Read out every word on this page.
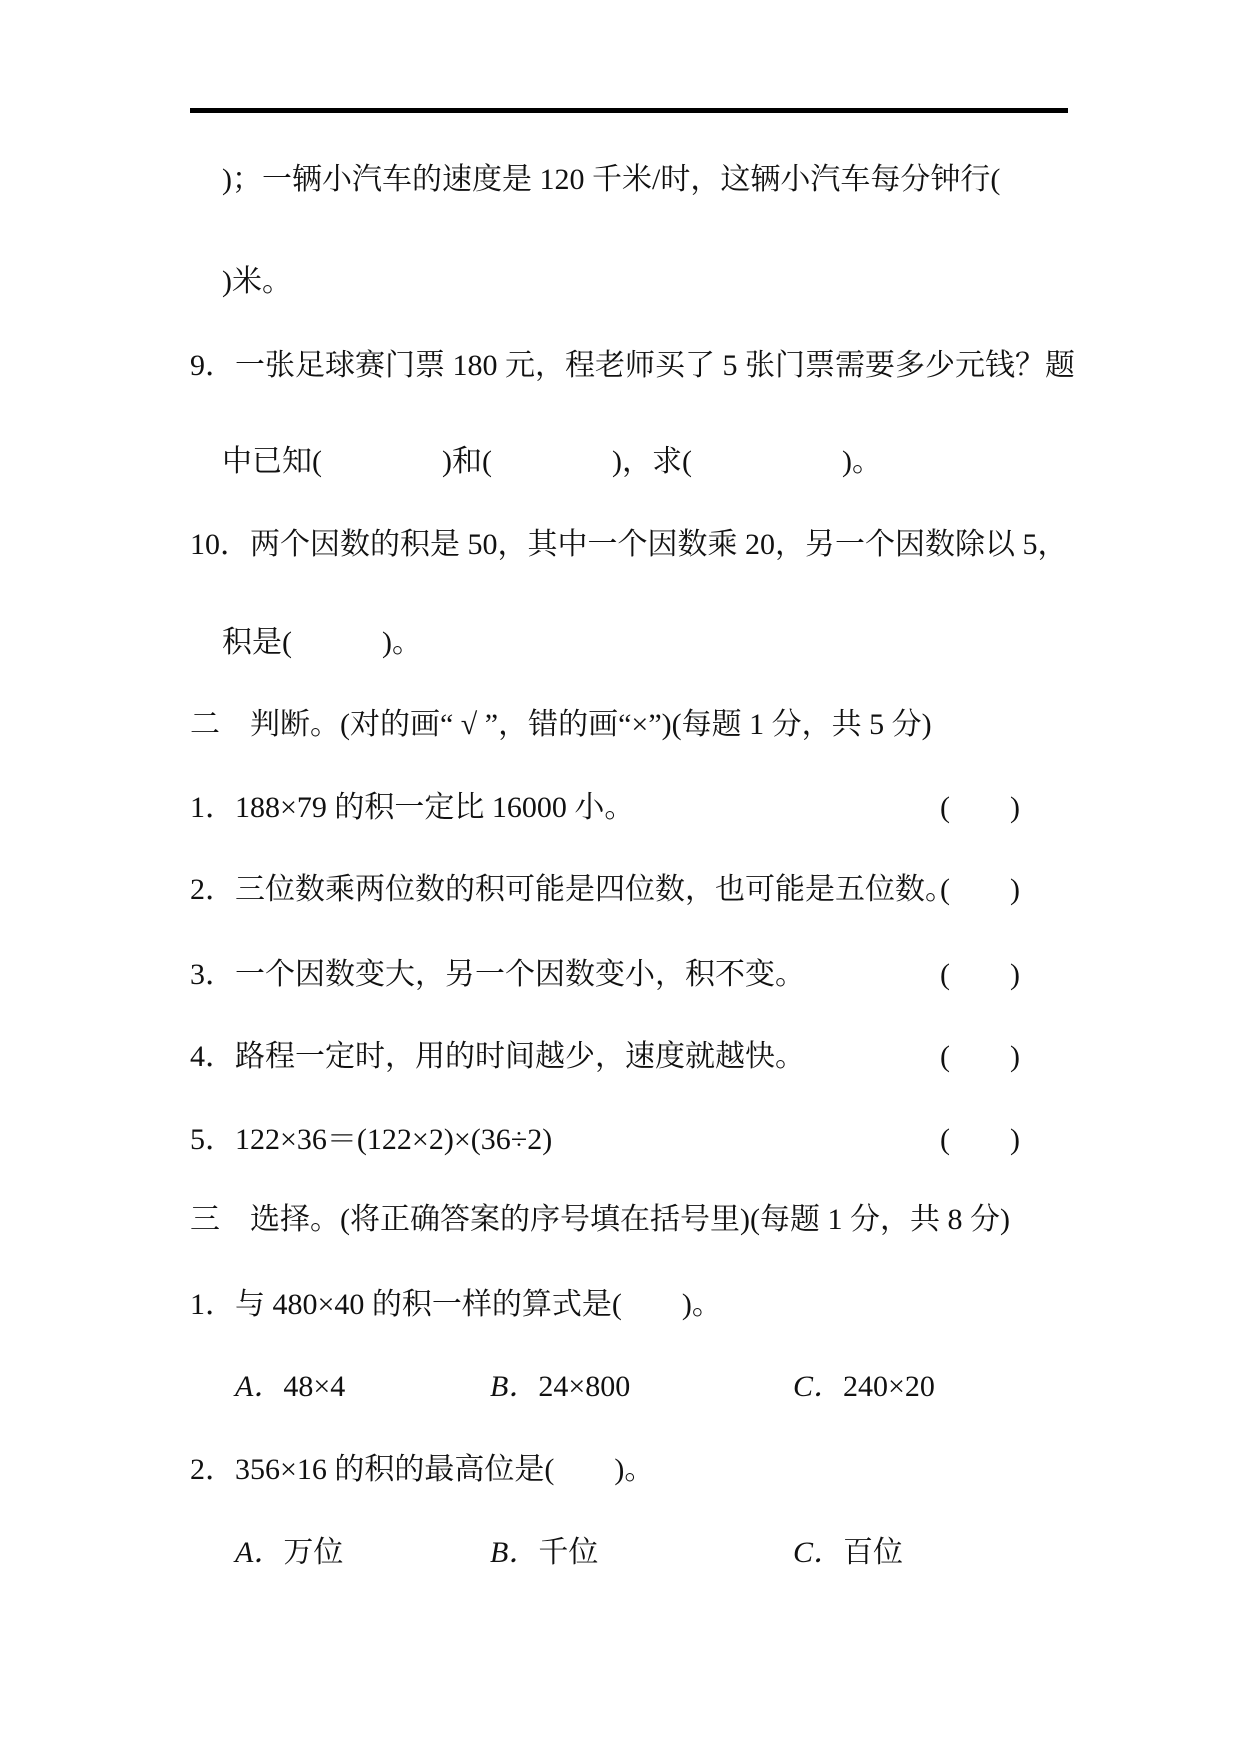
)；一辆小汽车的速度是 120 千米/时，这辆小汽车每分钟行(
)米。
9．一张足球赛门票 180 元，程老师买了 5 张门票需要多少元钱？题
中已知(　　　　)和(　　　　)，求(　　　　　)。
10．两个因数的积是 50，其中一个因数乘 20，另一个因数除以 5，
积是(　　　)。
二　判断。(对的画“ √ ”，错的画“×”)(每题 1 分，共 5 分)
1．188×79 的积一定比 16000 小。	(　　)
2．三位数乘两位数的积可能是四位数，也可能是五位数。
(　　)
3．一个因数变大，另一个因数变小，积不变。	(　　)
4．路程一定时，用的时间越少，速度就越快。	(　　)
5．122×36＝(122×2)×(36÷2)	(　　)
三　选择。(将正确答案的序号填在括号里)(每题 1 分，共 8 分)
1．与 480×40 的积一样的算式是(　　)。
A．48×4	B．24×800	C．240×20
2．356×16 的积的最高位是(　　)。
A．万位	B．千位	C．百位
